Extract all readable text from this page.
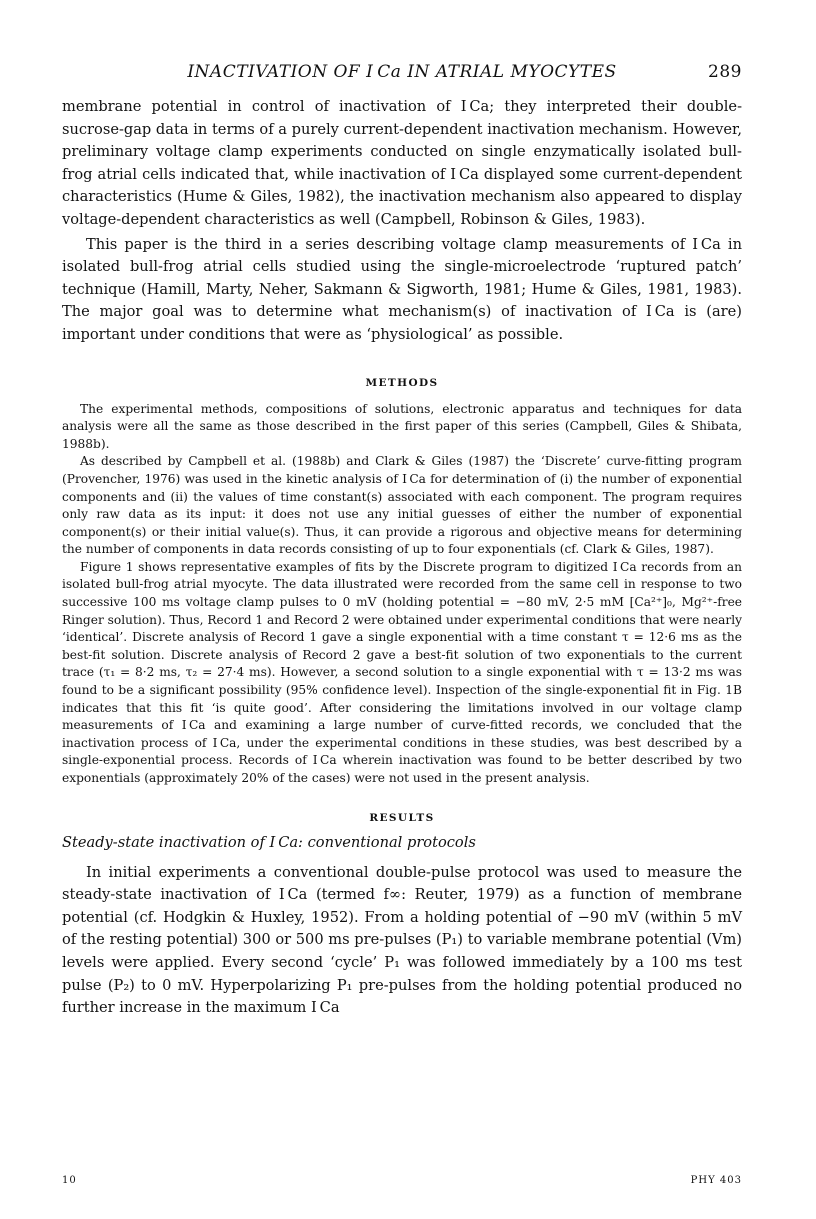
INACTIVATION OF I Ca IN ATRIAL MYOCYTES	289

membrane potential in control of inactivation of I Ca; they interpreted their double-sucrose-gap data in terms of a purely current-dependent inactivation mechanism. However, preliminary voltage clamp experiments conducted on single enzymatically isolated bull-frog atrial cells indicated that, while inactivation of I Ca displayed some current-dependent characteristics (Hume & Giles, 1982), the inactivation mechanism also appeared to display voltage-dependent characteristics as well (Campbell, Robinson & Giles, 1983).

This paper is the third in a series describing voltage clamp measurements of I Ca in isolated bull-frog atrial cells studied using the single-microelectrode ‘ruptured patch’ technique (Hamill, Marty, Neher, Sakmann & Sigworth, 1981; Hume & Giles, 1981, 1983). The major goal was to determine what mechanism(s) of inactivation of I Ca is (are) important under conditions that were as ‘physiological’ as possible.

METHODS

The experimental methods, compositions of solutions, electronic apparatus and techniques for data analysis were all the same as those described in the first paper of this series (Campbell, Giles & Shibata, 1988b).

As described by Campbell et al. (1988b) and Clark & Giles (1987) the ‘Discrete’ curve-fitting program (Provencher, 1976) was used in the kinetic analysis of I Ca for determination of (i) the number of exponential components and (ii) the values of time constant(s) associated with each component. The program requires only raw data as its input: it does not use any initial guesses of either the number of exponential component(s) or their initial value(s). Thus, it can provide a rigorous and objective means for determining the number of components in data records consisting of up to four exponentials (cf. Clark & Giles, 1987).

Figure 1 shows representative examples of fits by the Discrete program to digitized I Ca records from an isolated bull-frog atrial myocyte. The data illustrated were recorded from the same cell in response to two successive 100 ms voltage clamp pulses to 0 mV (holding potential = −80 mV, 2·5 mM [Ca²⁺]₀, Mg²⁺-free Ringer solution). Thus, Record 1 and Record 2 were obtained under experimental conditions that were nearly ‘identical’. Discrete analysis of Record 1 gave a single exponential with a time constant τ = 12·6 ms as the best-fit solution. Discrete analysis of Record 2 gave a best-fit solution of two exponentials to the current trace (τ₁ = 8·2 ms, τ₂ = 27·4 ms). However, a second solution to a single exponential with τ = 13·2 ms was found to be a significant possibility (95% confidence level). Inspection of the single-exponential fit in Fig. 1B indicates that this fit ‘is quite good’. After considering the limitations involved in our voltage clamp measurements of I Ca and examining a large number of curve-fitted records, we concluded that the inactivation process of I Ca, under the experimental conditions in these studies, was best described by a single-exponential process. Records of I Ca wherein inactivation was found to be better described by two exponentials (approximately 20% of the cases) were not used in the present analysis.

RESULTS

Steady-state inactivation of I Ca: conventional protocols

In initial experiments a conventional double-pulse protocol was used to measure the steady-state inactivation of I Ca (termed f∞: Reuter, 1979) as a function of membrane potential (cf. Hodgkin & Huxley, 1952). From a holding potential of −90 mV (within 5 mV of the resting potential) 300 or 500 ms pre-pulses (P₁) to variable membrane potential (Vm) levels were applied. Every second ‘cycle’ P₁ was followed immediately by a 100 ms test pulse (P₂) to 0 mV. Hyperpolarizing P₁ pre-pulses from the holding potential produced no further increase in the maximum I Ca

10	PHY 403
